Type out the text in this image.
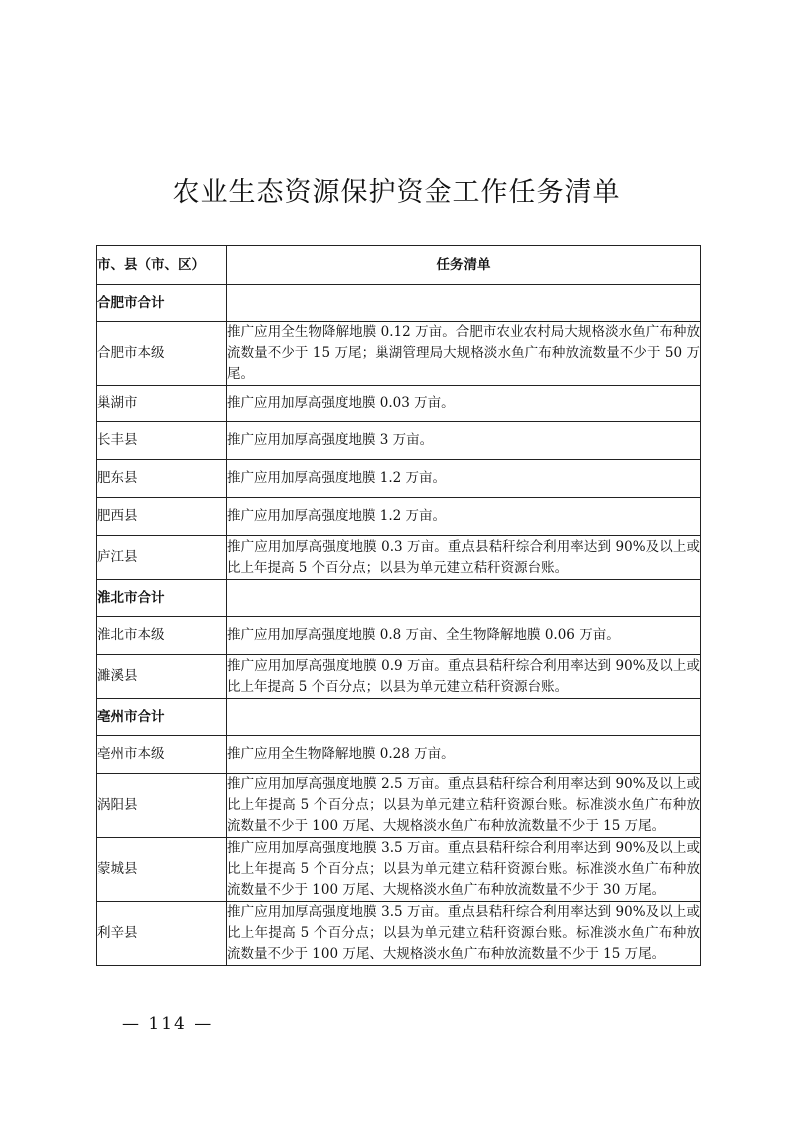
农业生态资源保护资金工作任务清单
市、县（市、区）	任务清单
合肥市合计	
合肥市本级	推广应用全生物降解地膜 0.12 万亩。合肥市农业农村局大规格淡水鱼广布种放流数量不少于 15 万尾；巢湖管理局大规格淡水鱼广布种放流数量不少于 50 万尾。
巢湖市	推广应用加厚高强度地膜 0.03 万亩。
长丰县	推广应用加厚高强度地膜 3 万亩。
肥东县	推广应用加厚高强度地膜 1.2 万亩。
肥西县	推广应用加厚高强度地膜 1.2 万亩。
庐江县	推广应用加厚高强度地膜 0.3 万亩。重点县秸秆综合利用率达到 90%及以上或比上年提高 5 个百分点；以县为单元建立秸秆资源台账。
淮北市合计	
淮北市本级	推广应用加厚高强度地膜 0.8 万亩、全生物降解地膜 0.06 万亩。
濉溪县	推广应用加厚高强度地膜 0.9 万亩。重点县秸秆综合利用率达到 90%及以上或比上年提高 5 个百分点；以县为单元建立秸秆资源台账。
亳州市合计	
亳州市本级	推广应用全生物降解地膜 0.28 万亩。
涡阳县	推广应用加厚高强度地膜 2.5 万亩。重点县秸秆综合利用率达到 90%及以上或比上年提高 5 个百分点；以县为单元建立秸秆资源台账。标准淡水鱼广布种放流数量不少于 100 万尾、大规格淡水鱼广布种放流数量不少于 15 万尾。
蒙城县	推广应用加厚高强度地膜 3.5 万亩。重点县秸秆综合利用率达到 90%及以上或比上年提高 5 个百分点；以县为单元建立秸秆资源台账。标准淡水鱼广布种放流数量不少于 100 万尾、大规格淡水鱼广布种放流数量不少于 30 万尾。
利辛县	推广应用加厚高强度地膜 3.5 万亩。重点县秸秆综合利用率达到 90%及以上或比上年提高 5 个百分点；以县为单元建立秸秆资源台账。标准淡水鱼广布种放流数量不少于 100 万尾、大规格淡水鱼广布种放流数量不少于 15 万尾。
— 114 —
